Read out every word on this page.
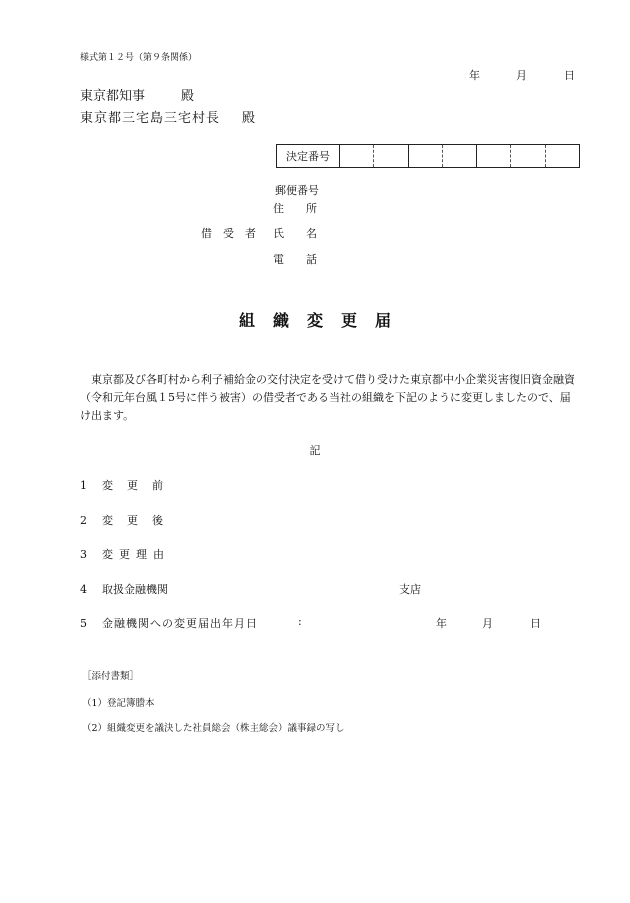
様式第１２号（第９条関係）
年	月	日
東京都知事	殿
東京都三宅島三宅村長 殿
決定番号
郵便番号
住　　所
借　受　者 氏　　名
電　　話
組織変更届
東京都及び各町村から利子補給金の交付決定を受けて借り受けた東京都中小企業災害復旧資金融資（令和元年台風１5号に伴う被害）の借受者である当社の組織を下記のように変更しましたので、届け出ます。
記
1 変更前
2 変更後
3 変更理由
4 取扱金融機関	支店
5 金融機関への変更届出年月日	:	年	月	日
［添付書類］
（1）登記簿謄本
（2）組織変更を議決した社員総会（株主総会）議事録の写し
